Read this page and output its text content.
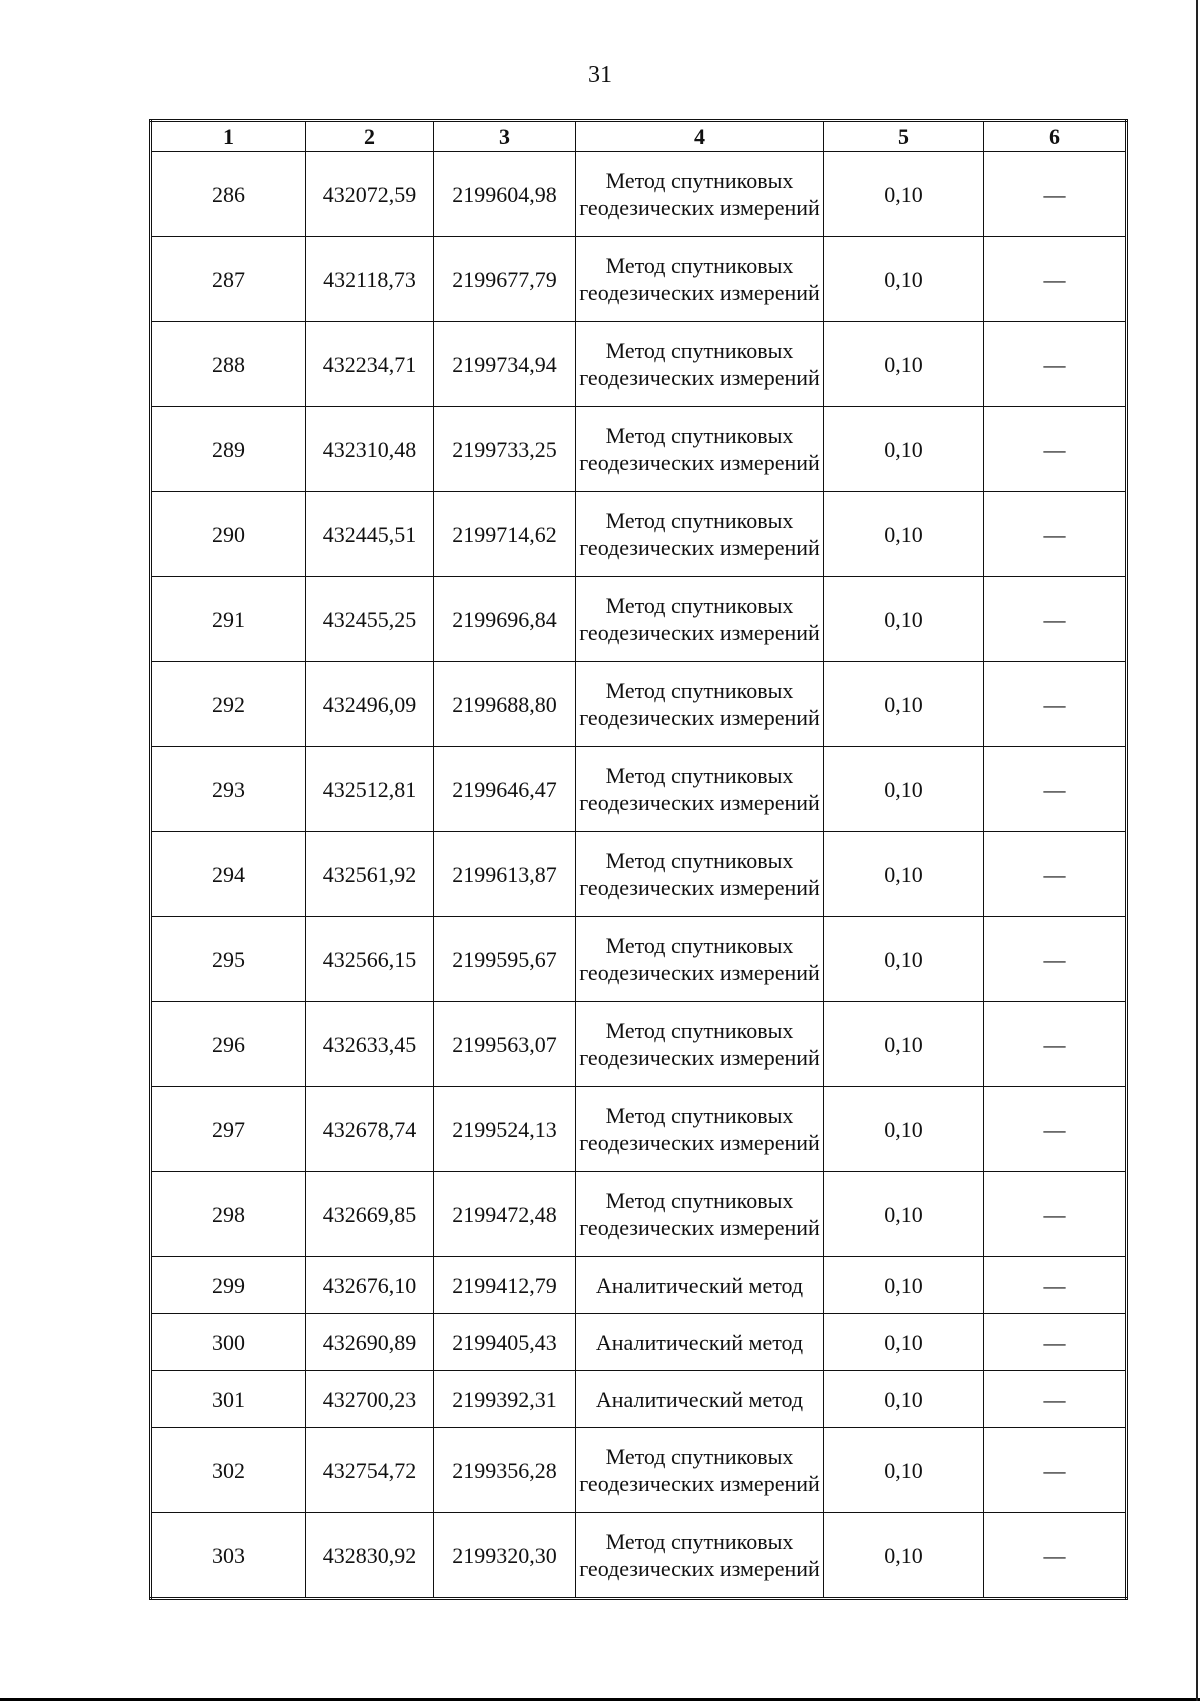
31
1	2	3	4	5	6
286	432072,59	2199604,98	Метод спутниковых геодезических измерений	0,10	—
287	432118,73	2199677,79	Метод спутниковых геодезических измерений	0,10	—
288	432234,71	2199734,94	Метод спутниковых геодезических измерений	0,10	—
289	432310,48	2199733,25	Метод спутниковых геодезических измерений	0,10	—
290	432445,51	2199714,62	Метод спутниковых геодезических измерений	0,10	—
291	432455,25	2199696,84	Метод спутниковых геодезических измерений	0,10	—
292	432496,09	2199688,80	Метод спутниковых геодезических измерений	0,10	—
293	432512,81	2199646,47	Метод спутниковых геодезических измерений	0,10	—
294	432561,92	2199613,87	Метод спутниковых геодезических измерений	0,10	—
295	432566,15	2199595,67	Метод спутниковых геодезических измерений	0,10	—
296	432633,45	2199563,07	Метод спутниковых геодезических измерений	0,10	—
297	432678,74	2199524,13	Метод спутниковых геодезических измерений	0,10	—
298	432669,85	2199472,48	Метод спутниковых геодезических измерений	0,10	—
299	432676,10	2199412,79	Аналитический метод	0,10	—
300	432690,89	2199405,43	Аналитический метод	0,10	—
301	432700,23	2199392,31	Аналитический метод	0,10	—
302	432754,72	2199356,28	Метод спутниковых геодезических измерений	0,10	—
303	432830,92	2199320,30	Метод спутниковых геодезических измерений	0,10	—
